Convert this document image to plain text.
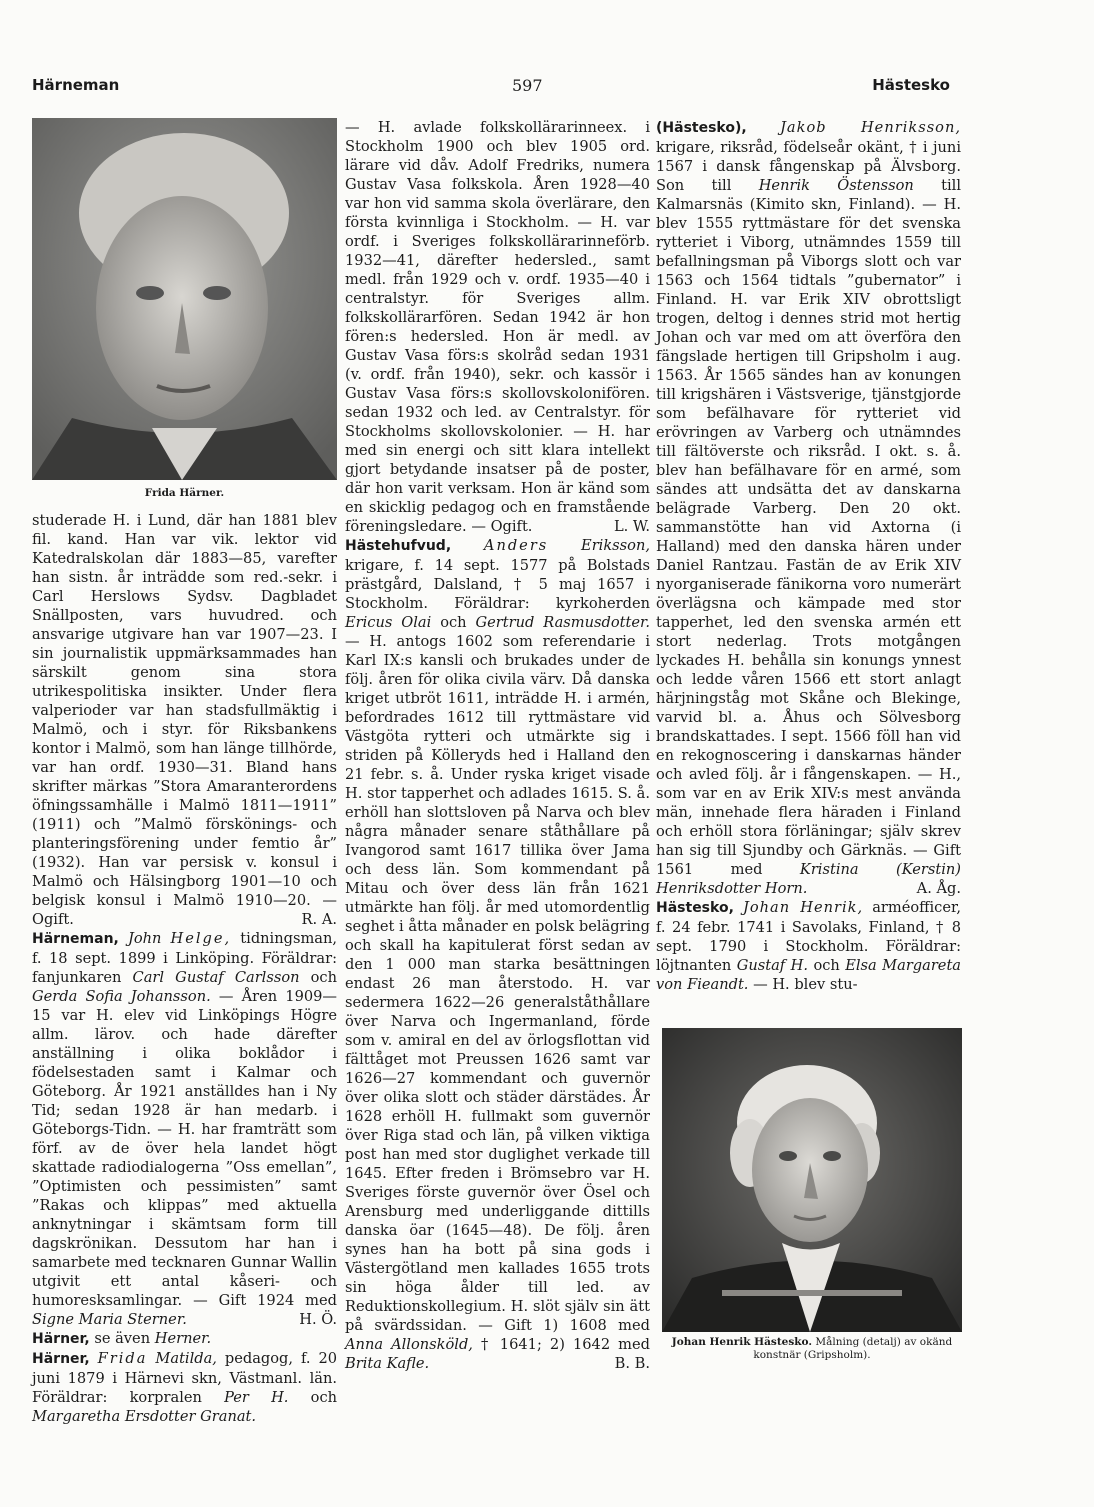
Härneman	597	Hästesko
Frida Härner.

studerade H. i Lund, där han 1881 blev fil. kand. Han var vik. lektor vid Katedralskolan där 1883—85, varefter han sistn. år inträdde som red.-sekr. i Carl Herslows Sydsv. Dagbladet Snällposten, vars huvudred. och ansvarige utgivare han var 1907—23. I sin journalistik uppmärksammades han särskilt genom sina stora utrikespolitiska insikter. Under flera valperioder var han stadsfullmäktig i Malmö, och i styr. för Riksbankens kontor i Malmö, som han länge tillhörde, var han ordf. 1930—31. Bland hans skrifter märkas ”Stora Amaranterordens öfningssamhälle i Malmö 1811—1911” (1911) och ”Malmö förskönings- och planteringsförening under femtio år” (1932). Han var persisk v. konsul i Malmö och Hälsingborg 1901—10 och belgisk konsul i Malmö 1910—20. — Ogift.	R. A.

Härneman, John Helge, tidningsman, f. 18 sept. 1899 i Linköping. Föräldrar: fanjunkaren Carl Gustaf Carlsson och Gerda Sofia Johansson. — Åren 1909—15 var H. elev vid Linköpings Högre allm. lärov. och hade därefter anställning i olika boklådor i födelsestaden samt i Kalmar och Göteborg. År 1921 anställdes han i Ny Tid; sedan 1928 är han medarb. i Göteborgs-Tidn. — H. har framträtt som förf. av de över hela landet högt skattade radiodialogerna ”Oss emellan”, ”Optimisten och pessimisten” samt ”Rakas och klippas” med aktuella anknytningar i skämtsam form till dagskrönikan. Dessutom har han i samarbete med tecknaren Gunnar Wallin utgivit ett antal kåseri- och humoresksamlingar. — Gift 1924 med Signe Maria Sterner.	H. Ö.

Härner, se även Herner.

Härner, Frida Matilda, pedagog, f. 20 juni 1879 i Härnevi skn, Västmanl. län. Föräldrar: korpralen Per H. och Margaretha Ersdotter Granat.

— H. avlade folkskollärarinneex. i Stockholm 1900 och blev 1905 ord. lärare vid dåv. Adolf Fredriks, numera Gustav Vasa folkskola. Åren 1928—40 var hon vid samma skola överlärare, den första kvinnliga i Stockholm. — H. var ordf. i Sveriges folkskollärarinneförb. 1932—41, därefter hedersled., samt medl. från 1929 och v. ordf. 1935—40 i centralstyr. för Sveriges allm. folkskollärarfören. Sedan 1942 är hon fören:s hedersled. Hon är medl. av Gustav Vasa förs:s skolråd sedan 1931 (v. ordf. från 1940), sekr. och kassör i Gustav Vasa förs:s skollovskolonifören. sedan 1932 och led. av Centralstyr. för Stockholms skollovskolonier. — H. har med sin energi och sitt klara intellekt gjort betydande insatser på de poster, där hon varit verksam. Hon är känd som en skicklig pedagog och en framstående föreningsledare. — Ogift.	L. W.

Hästehufvud, Anders Eriksson, krigare, f. 14 sept. 1577 på Bolstads prästgård, Dalsland, † 5 maj 1657 i Stockholm. Föräldrar: kyrkoherden Ericus Olai och Gertrud Rasmusdotter. — H. antogs 1602 som referendarie i Karl IX:s kansli och brukades under de följ. åren för olika civila värv. Då danska kriget utbröt 1611, inträdde H. i armén, befordrades 1612 till ryttmästare vid Västgöta rytteri och utmärkte sig i striden på Kölleryds hed i Halland den 21 febr. s. å. Under ryska kriget visade H. stor tapperhet och adlades 1615. S. å. erhöll han slottsloven på Narva och blev några månader senare ståthållare på Ivangorod samt 1617 tillika över Jama och dess län. Som kommendant på Mitau och över dess län från 1621 utmärkte han följ. år med utomordentlig seghet i åtta månader en polsk belägring och skall ha kapitulerat först sedan av den 1 000 man starka besättningen endast 26 man återstodo. H. var sedermera 1622—26 generalståthållare över Narva och Ingermanland, förde som v. amiral en del av örlogsflottan vid fälttåget mot Preussen 1626 samt var 1626—27 kommendant och guvernör över olika slott och städer därstädes. År 1628 erhöll H. fullmakt som guvernör över Riga stad och län, på vilken viktiga post han med stor duglighet verkade till 1645. Efter freden i Brömsebro var H. Sveriges förste guvernör över Ösel och Arensburg med underliggande dittills danska öar (1645—48). De följ. åren synes han ha bott på sina gods i Västergötland men kallades 1655 trots sin höga ålder till led. av Reduktionskollegium. H. slöt själv sin ätt på svärdssidan. — Gift 1) 1608 med Anna Allonsköld, † 1641; 2) 1642 med Brita Kafle.	B. B.

(Hästesko), Jakob Henriksson, krigare, riksråd, födelseår okänt, † i juni 1567 i dansk fångenskap på Älvsborg. Son till Henrik Östensson till Kalmarsnäs (Kimito skn, Finland). — H. blev 1555 ryttmästare för det svenska rytteriet i Viborg, utnämndes 1559 till befallningsman på Viborgs slott och var 1563 och 1564 tidtals ”gubernator” i Finland. H. var Erik XIV obrottsligt trogen, deltog i dennes strid mot hertig Johan och var med om att överföra den fängslade hertigen till Gripsholm i aug. 1563. År 1565 sändes han av konungen till krigshären i Västsverige, tjänstgjorde som befälhavare för rytteriet vid erövringen av Varberg och utnämndes till fältöverste och riksråd. I okt. s. å. blev han befälhavare för en armé, som sändes att undsätta det av danskarna belägrade Varberg. Den 20 okt. sammanstötte han vid Axtorna (i Halland) med den danska hären under Daniel Rantzau. Fastän de av Erik XIV nyorganiserade fänikorna voro numerärt överlägsna och kämpade med stor tapperhet, led den svenska armén ett stort nederlag. Trots motgången lyckades H. behålla sin konungs ynnest och ledde våren 1566 ett stort anlagt härjningståg mot Skåne och Blekinge, varvid bl. a. Åhus och Sölvesborg brandskattades. I sept. 1566 föll han vid en rekognoscering i danskarnas händer och avled följ. år i fångenskapen. — H., som var en av Erik XIV:s mest använda män, innehade flera häraden i Finland och erhöll stora förläningar; själv skrev han sig till Sjundby och Gärknäs. — Gift 1561 med	Kristina (Kerstin) Henriksdotter Horn.	A. Åg.

Hästesko, Johan Henrik, arméofficer, f. 24 febr. 1741 i Savolaks, Finland, † 8 sept. 1790 i Stockholm. Föräldrar: löjtnanten Gustaf H. och Elsa Margareta von Fieandt. — H. blev stu-

Johan Henrik Hästesko. Målning (detalj) av okänd konstnär (Gripsholm).
